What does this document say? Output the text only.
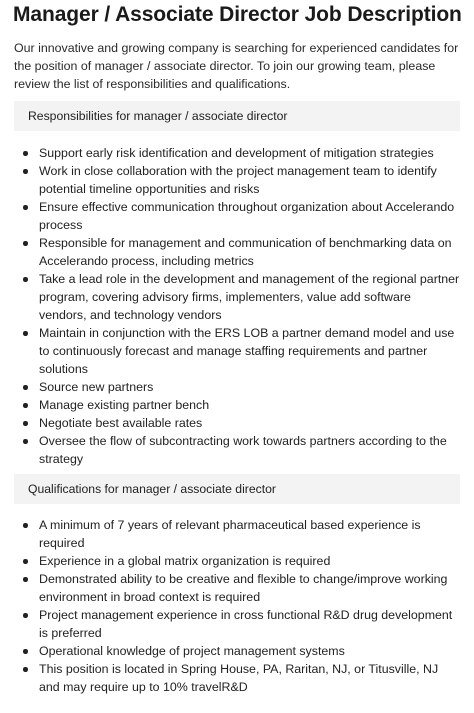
Manager / Associate Director Job Description

Our innovative and growing company is searching for experienced candidates for the position of manager / associate director. To join our growing team, please review the list of responsibilities and qualifications.

Responsibilities for manager / associate director
Support early risk identification and development of mitigation strategies
Work in close collaboration with the project management team to identify potential timeline opportunities and risks
Ensure effective communication throughout organization about Accelerando process
Responsible for management and communication of benchmarking data on Accelerando process, including metrics
Take a lead role in the development and management of the regional partner program, covering advisory firms, implementers, value add software vendors, and technology vendors
Maintain in conjunction with the ERS LOB a partner demand model and use to continuously forecast and manage staffing requirements and partner solutions
Source new partners
Manage existing partner bench
Negotiate best available rates
Oversee the flow of subcontracting work towards partners according to the strategy
Qualifications for manager / associate director
A minimum of 7 years of relevant pharmaceutical based experience is required
Experience in a global matrix organization is required
Demonstrated ability to be creative and flexible to change/improve working environment in broad context is required
Project management experience in cross functional R&D drug development is preferred
Operational knowledge of project management systems
This position is located in Spring House, PA, Raritan, NJ, or Titusville, NJ and may require up to 10% travelR&D
